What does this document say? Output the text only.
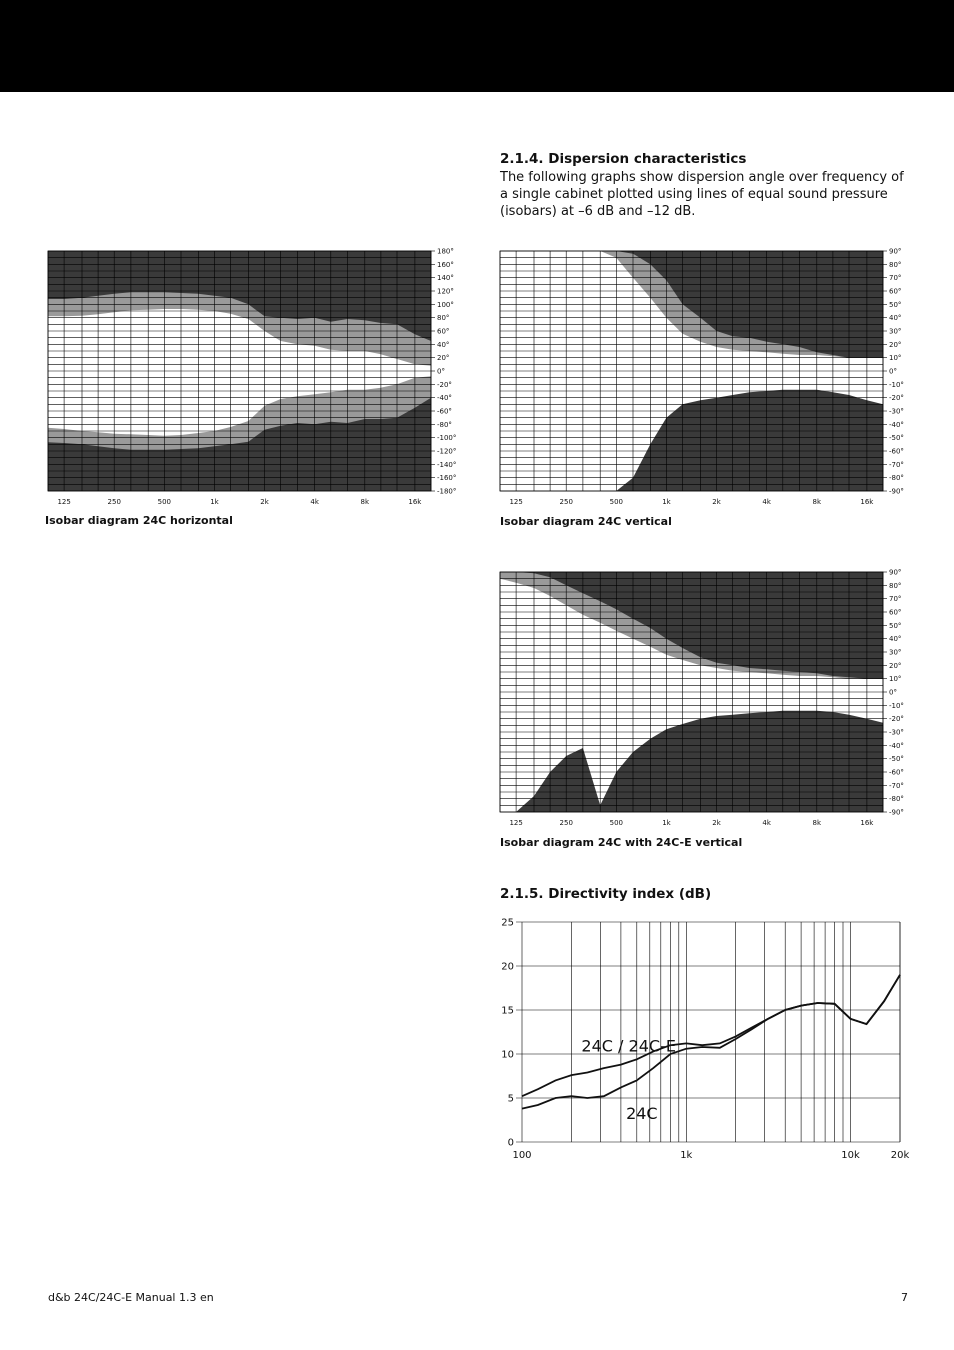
2.1.4. Dispersion characteristics

The following graphs show dispersion angle over frequency of a single cabinet plotted using lines of equal sound pressure (isobars) at –6 dB and –12 dB.

180°
160°
140°
120°
100°
80°
60°
40°
20°
0°
-20°
-40°
-60°
-80°
-100°
-120°
-140°
-160°
-180°
125	250	500	1k	2k	4k	8k	16k

Isobar diagram 24C horizontal

90°
80°
70°
60°
50°
40°
30°
20°
10°
0°
-10°
-20°
-30°
-40°
-50°
-60°
-70°
-80°
-90°
125	250	500	1k	2k	4k	8k	16k

Isobar diagram 24C vertical

90°
80°
70°
60°
50°
40°
30°
20°
10°
0°
-10°
-20°
-30°
-40°
-50°
-60°
-70°
-80°
-90°
125	250	500	1k	2k	4k	8k	16k

Isobar diagram 24C with 24C-E vertical

2.1.5. Directivity index (dB)
0
5
10
15
20
25
100	1k	10k	20k
24C / 24C-E
24C
d&b 24C/24C-E Manual 1.3 en	7
